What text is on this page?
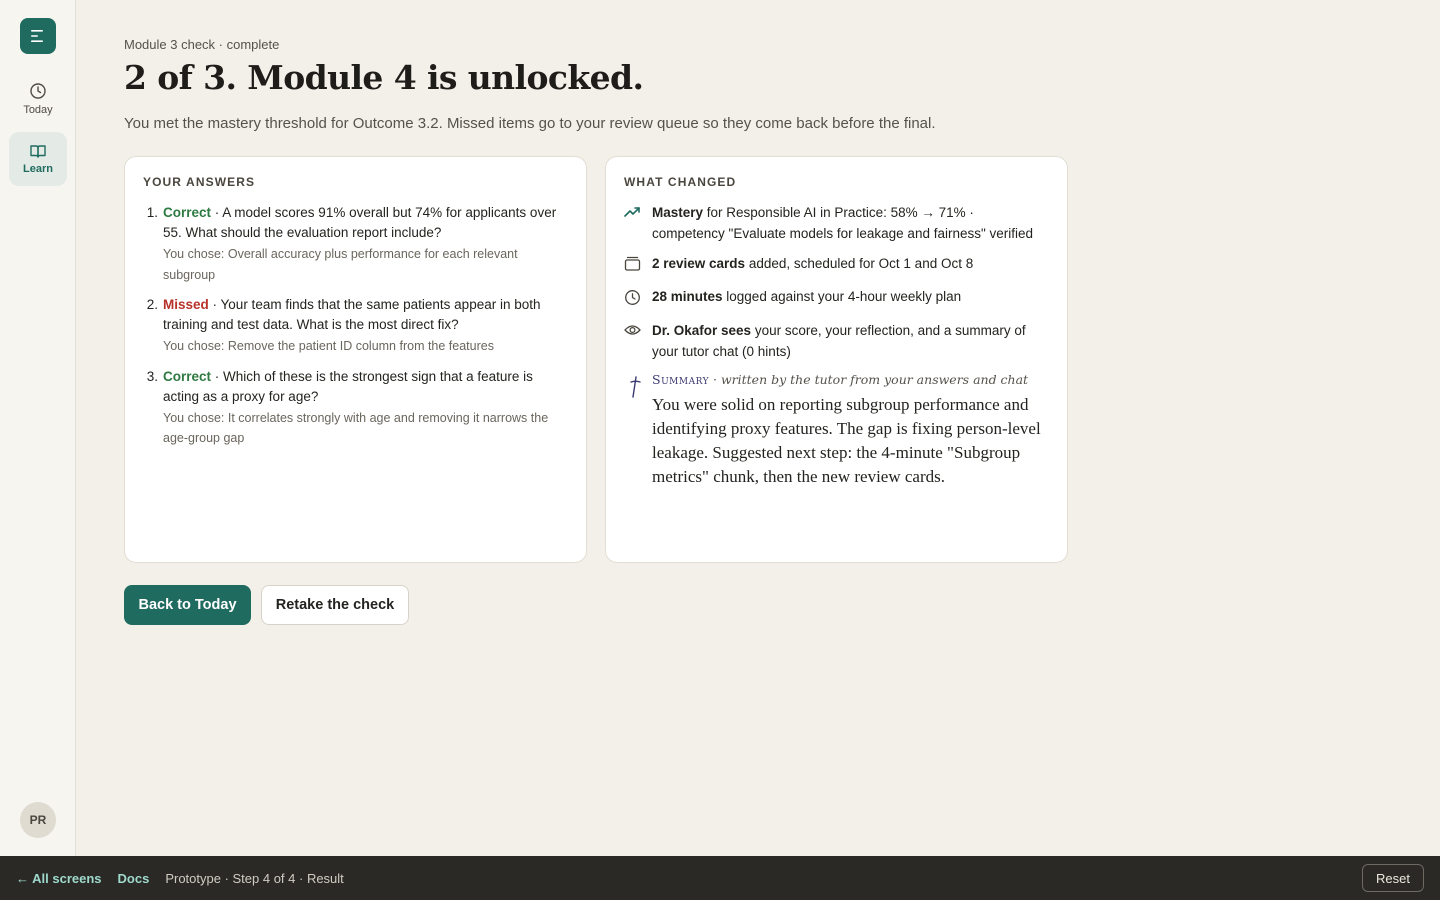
Today
Learn
PR
Module 3 check · complete
2 of 3. Module 4 is unlocked.

You met the mastery threshold for Outcome 3.2. Missed items go to your review queue so they come back before the final.

YOUR ANSWERS
1. Correct · A model scores 91% overall but 74% for applicants over 55. What should the evaluation report include?
You chose: Overall accuracy plus performance for each relevant subgroup
2. Missed · Your team finds that the same patients appear in both training and test data. What is the most direct fix?
You chose: Remove the patient ID column from the features
3. Correct · Which of these is the strongest sign that a feature is acting as a proxy for age?
You chose: It correlates strongly with age and removing it narrows the age-group gap
WHAT CHANGED
Mastery for Responsible AI in Practice: 58% → 71% · competency "Evaluate models for leakage and fairness" verified
2 review cards added, scheduled for Oct 1 and Oct 8
28 minutes logged against your 4-hour weekly plan
Dr. Okafor sees your score, your reflection, and a summary of your tutor chat (0 hints)
Summary · written by the tutor from your answers and chat

You were solid on reporting subgroup performance and identifying proxy features. The gap is fixing person-level leakage. Suggested next step: the 4-minute "Subgroup metrics" chunk, then the new review cards.

Back to Today	Retake the check
← All screens Docs Prototype · Step 4 of 4 · Result	Reset
